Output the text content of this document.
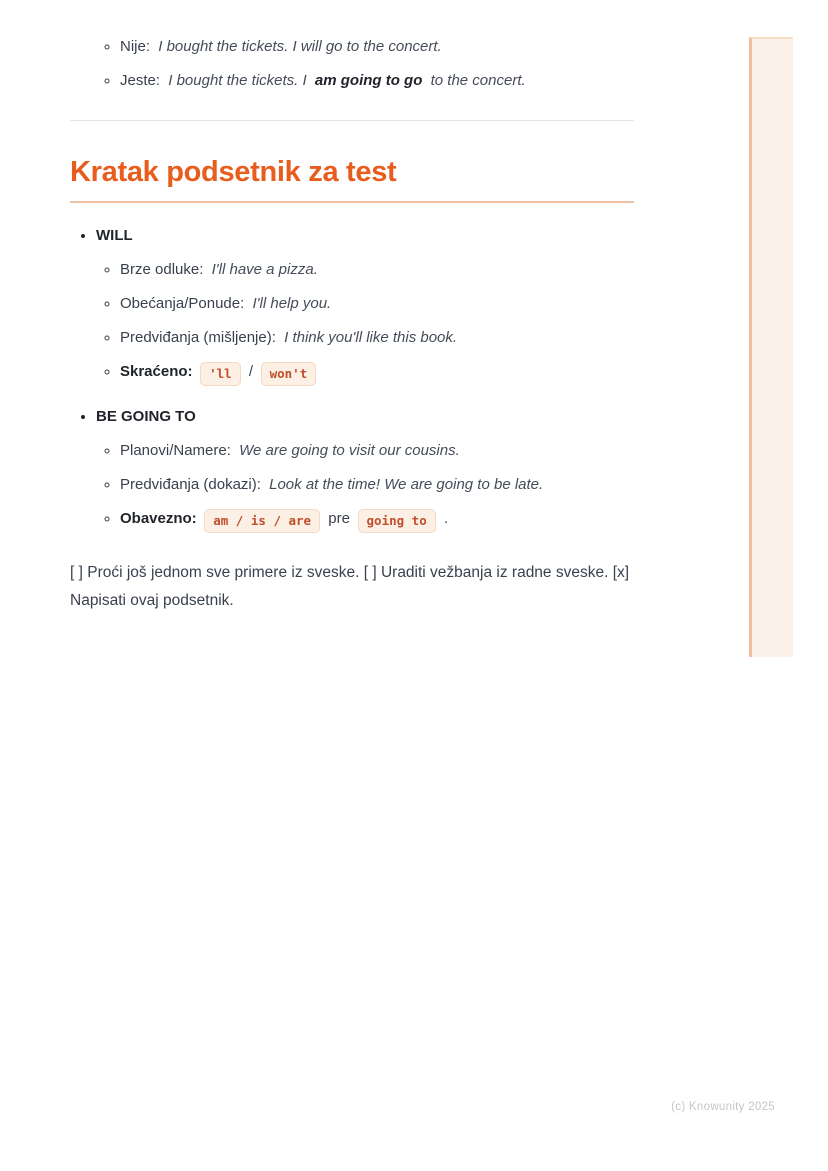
◦ Nije: I bought the tickets. I will go to the concert.
◦ Jeste: I bought the tickets. I am going to go to the concert.
Kratak podsetnik za test
• WILL
◦ Brze odluke: I'll have a pizza.
◦ Obećanja/Ponude: I'll help you.
◦ Predviđanja (mišljenje): I think you'll like this book.
◦ Skraćeno: 'll / won't
• BE GOING TO
◦ Planovi/Namere: We are going to visit our cousins.
◦ Predviđanja (dokazi): Look at the time! We are going to be late.
◦ Obavezno: am / is / are pre going to .

[ ] Proći još jednom sve primere iz sveske. [ ] Uraditi vežbanja iz radne sveske. [x] Napisati ovaj podsetnik.

(c) Knowunity 2025
